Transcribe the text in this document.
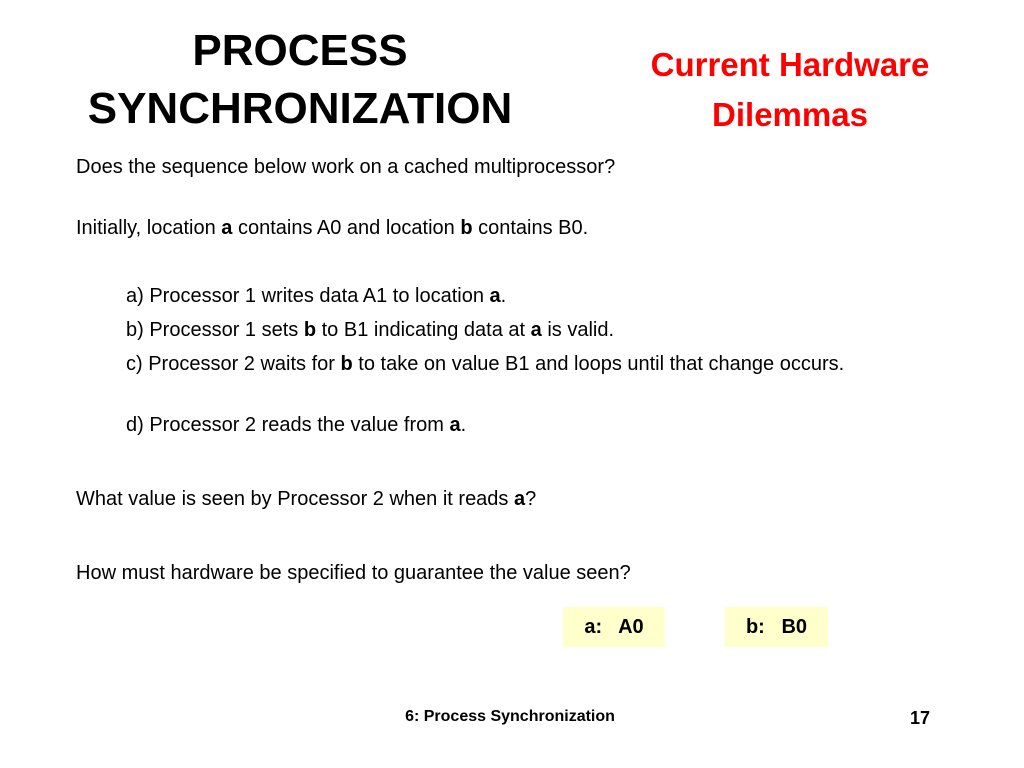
PROCESS
SYNCHRONIZATION
Current Hardware
Dilemmas
Does the sequence below work on a cached multiprocessor?
Initially, location a contains A0 and location b contains B0.
a) Processor 1 writes data A1 to location a.
b) Processor 1 sets b to B1 indicating data at a is valid.
c) Processor 2 waits for b to take on value B1 and loops until that change occurs.
d) Processor 2 reads the value from a.
What value is seen by Processor 2 when it reads a?
How must hardware be specified to guarantee the value seen?
a:   A0	b:   B0
6: Process Synchronization	17
